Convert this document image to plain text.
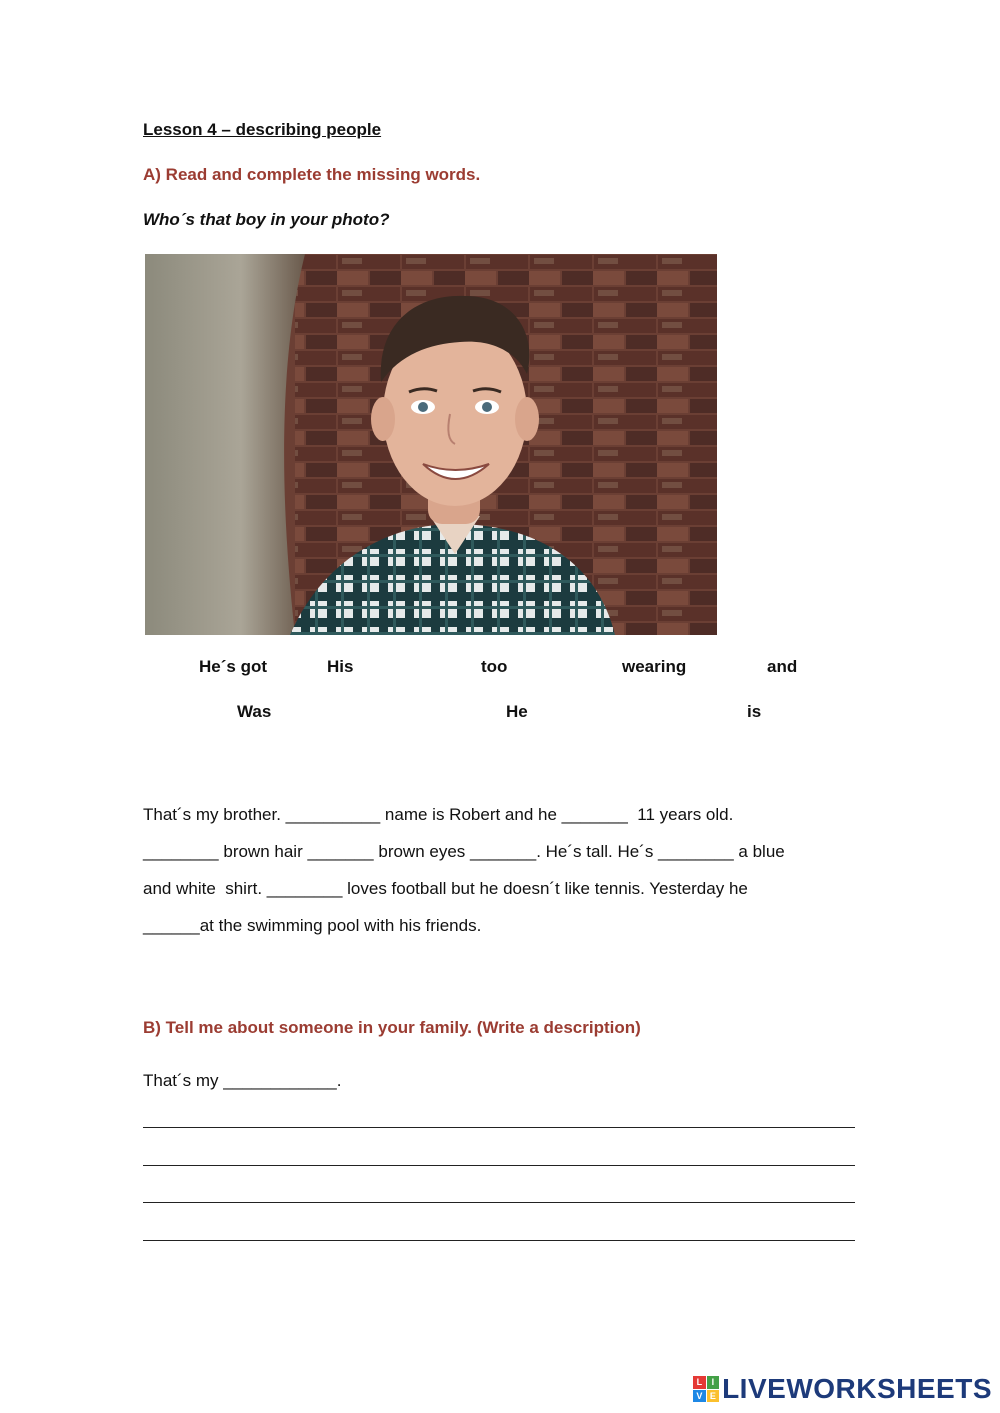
Lesson 4 – describing people
A) Read and complete the missing words.
Who´s that boy in your photo?
He´s got	His	too	wearing	and
Was	He	is

That´s my brother. __________ name is Robert and he _______  11 years old.

________ brown hair _______ brown eyes _______. He´s tall. He´s ________ a blue

and white  shirt. ________ loves football but he doesn´t like tennis. Yesterday he

______at the swimming pool with his friends.

B) Tell me about someone in your family. (Write a description)
That´s my ____________.
L	I
V E LIVEWORKSHEETS
